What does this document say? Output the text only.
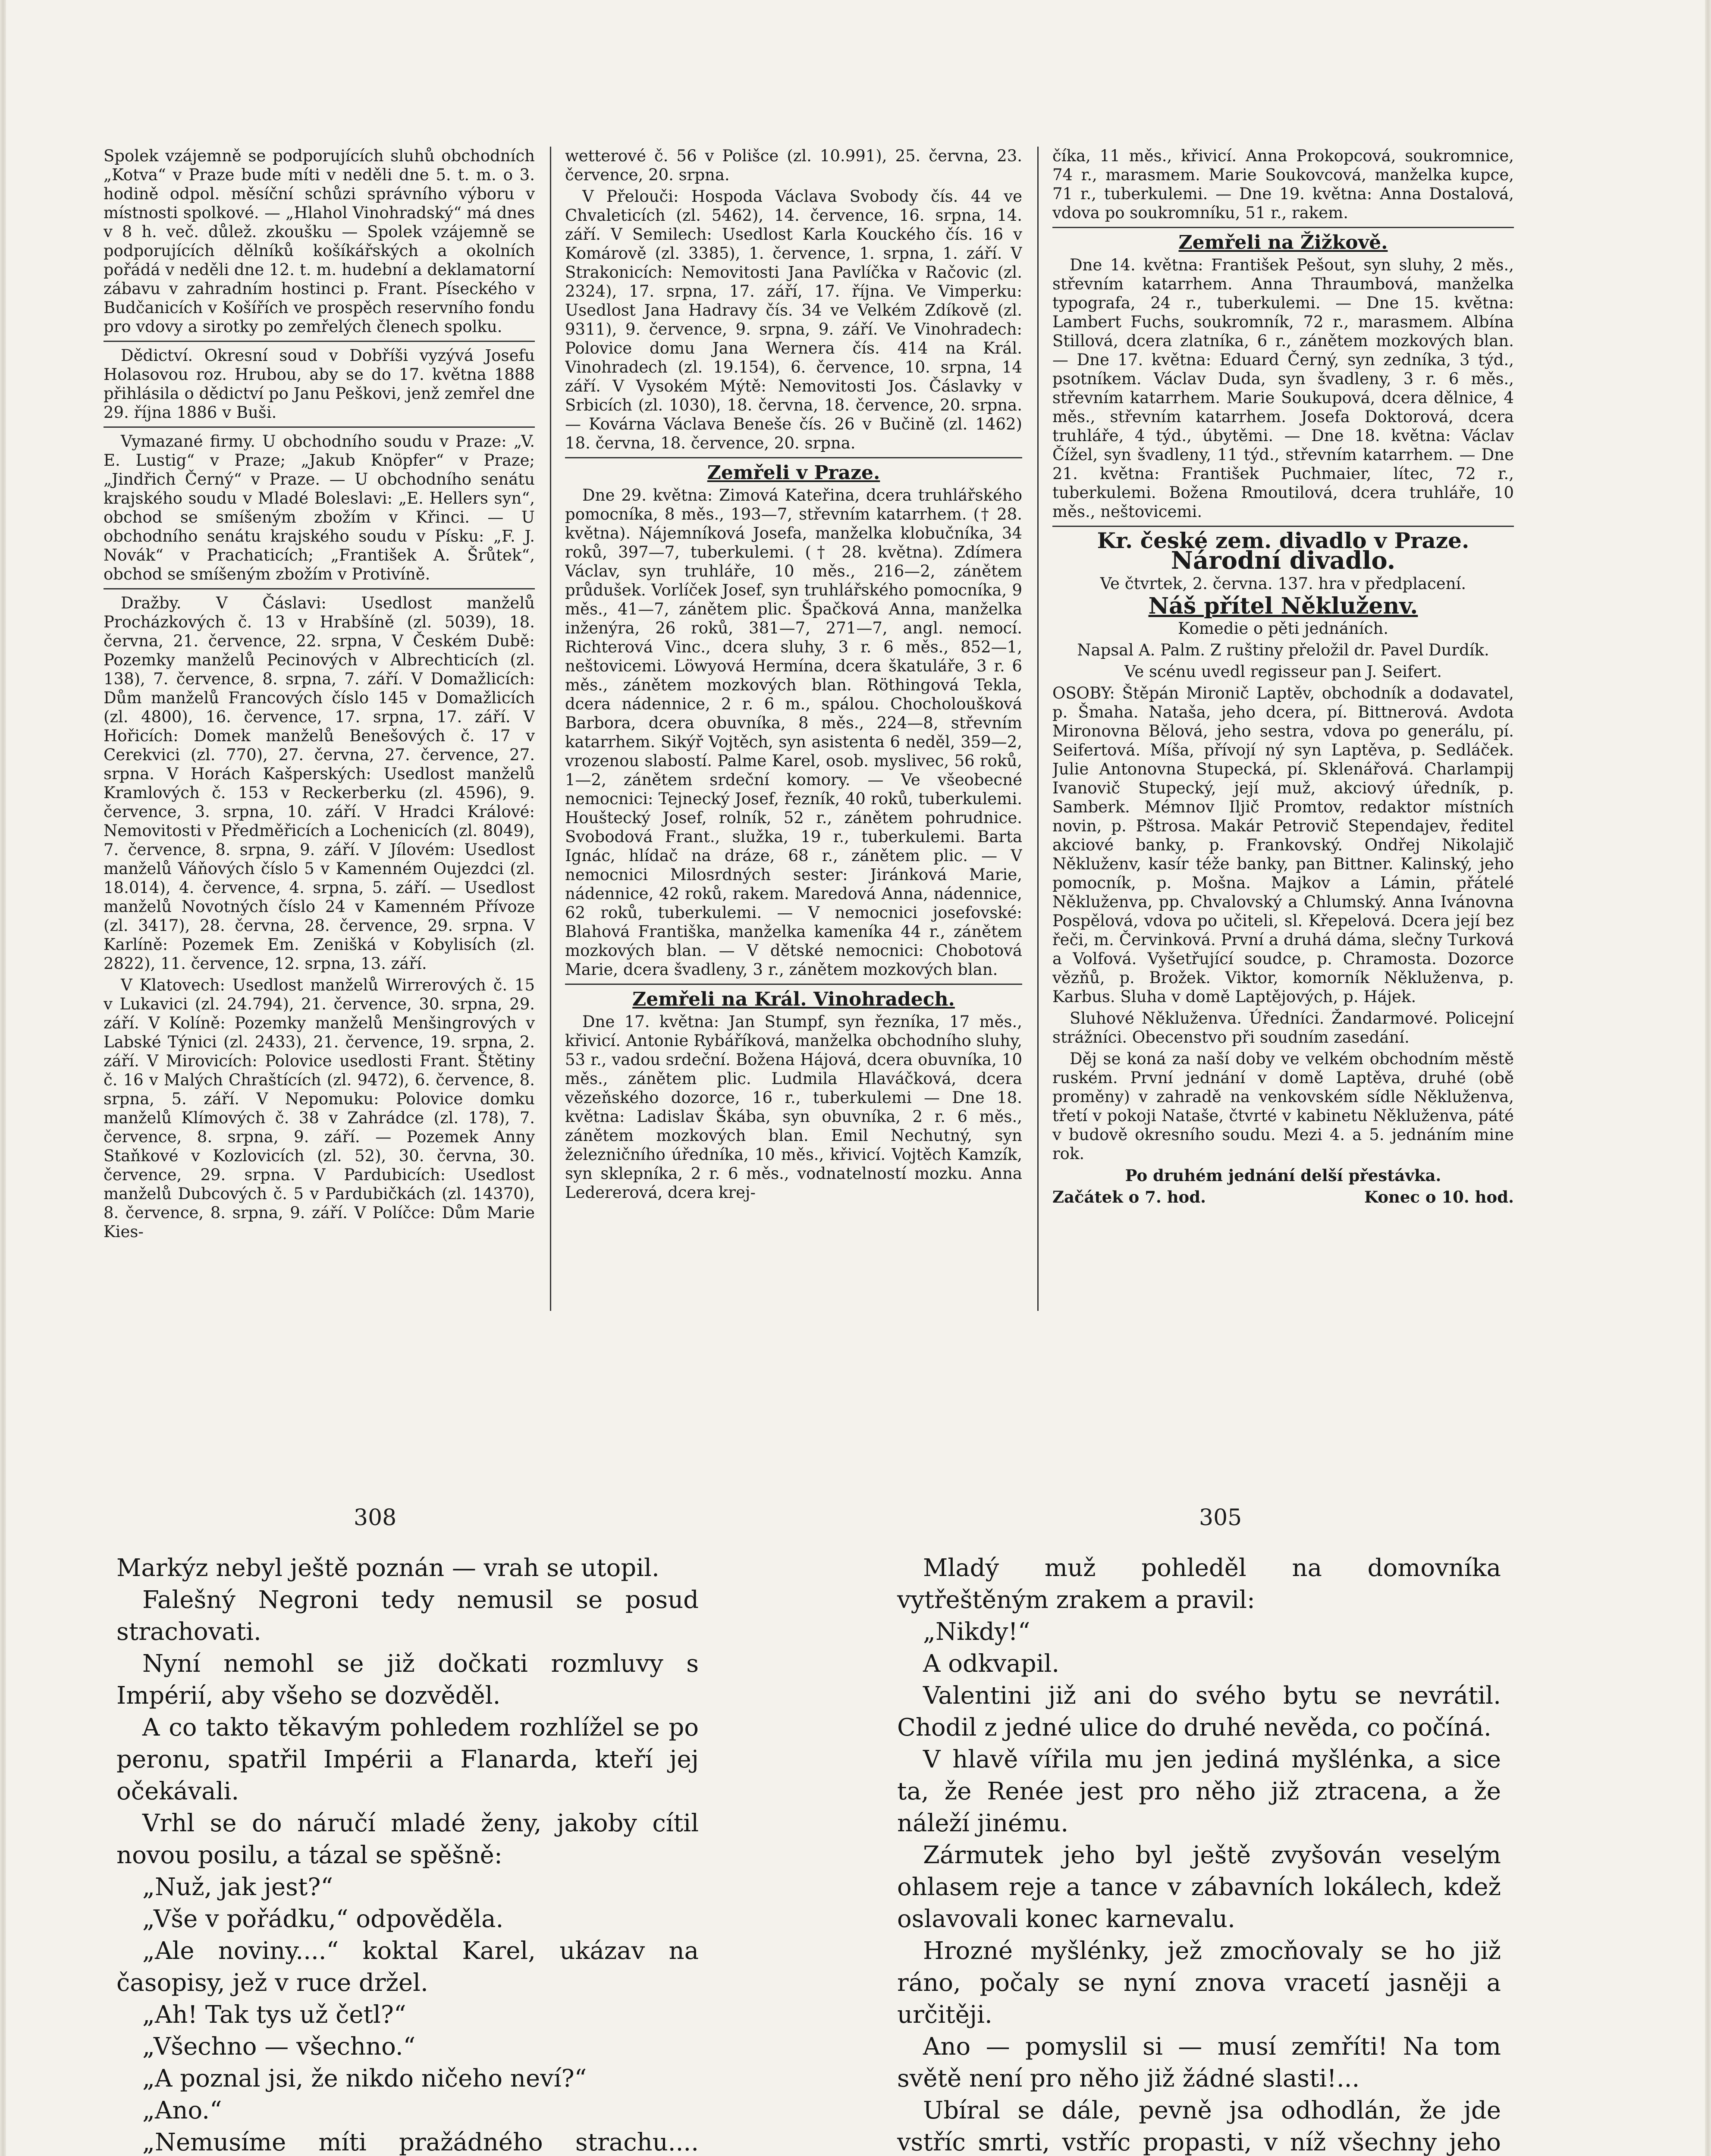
Spolek vzájemně se podporujících sluhů obchodních „Kotva“ v Praze bude míti v neděli dne 5. t. m. o 3. hodině odpol. měsíční schůzi správního výboru v místnosti spolkové. — „Hlahol Vinohradský“ má dnes v 8 h. več. důlež. zkoušku — Spolek vzájemně se podporujících dělníků košíkářských a okolních pořádá v neděli dne 12. t. m. hudební a deklamatorní zábavu v zahradním hostinci p. Frant. Píseckého v Budčanicích v Košířích ve prospěch reservního fondu pro vdovy a sirotky po zemřelých členech spolku.

Dědictví. Okresní soud v Dobříši vyzývá Josefu Holasovou roz. Hrubou, aby se do 17. května 1888 přihlásila o dědictví po Janu Peškovi, jenž zemřel dne 29. října 1886 v Buši.

Vymazané firmy. U obchodního soudu v Praze: „V. E. Lustig“ v Praze; „Jakub Knöpfer“ v Praze; „Jindřich Černý“ v Praze. — U obchodního senátu krajského soudu v Mladé Boleslavi: „E. Hellers syn“, obchod se smíšeným zbožím v Křinci. — U obchodního senátu krajského soudu v Písku: „F. J. Novák“ v Prachaticích; „František A. Šrůtek“, obchod se smíšeným zbožím v Protivíně.

Dražby. V Čáslavi: Usedlost manželů Procházkových č. 13 v Hrabšíně (zl. 5039), 18. června, 21. července, 22. srpna, V Českém Dubě: Pozemky manželů Pecinových v Albrechticích (zl. 138), 7. července, 8. srpna, 7. září. V Domažlicích: Dům manželů Francových číslo 145 v Domažlicích (zl. 4800), 16. července, 17. srpna, 17. září. V Hořicích: Domek manželů Benešových č. 17 v Cerekvici (zl. 770), 27. června, 27. července, 27. srpna. V Horách Kašperských: Usedlost manželů Kramlových č. 153 v Reckerberku (zl. 4596), 9. července, 3. srpna, 10. září. V Hradci Králové: Nemovitosti v Předměřicích a Lochenicích (zl. 8049), 7. července, 8. srpna, 9. září. V Jílovém: Usedlost manželů Váňových číslo 5 v Kamenném Oujezdci (zl. 18.014), 4. července, 4. srpna, 5. září. — Usedlost manželů Novotných číslo 24 v Kamenném Přívoze (zl. 3417), 28. června, 28. července, 29. srpna. V Karlíně: Pozemek Em. Zenišká v Kobylisích (zl. 2822), 11. července, 12. srpna, 13. září.

V Klatovech: Usedlost manželů Wirrerových č. 15 v Lukavici (zl. 24.794), 21. července, 30. srpna, 29. září. V Kolíně: Pozemky manželů Menšingrových v Labské Týnici (zl. 2433), 21. července, 19. srpna, 2. září. V Mirovicích: Polovice usedlosti Frant. Štětiny č. 16 v Malých Chraštících (zl. 9472), 6. července, 8. srpna, 5. září. V Nepomuku: Polovice domku manželů Klímových č. 38 v Zahrádce (zl. 178), 7. července, 8. srpna, 9. září. — Pozemek Anny Staňkové v Kozlovicích (zl. 52), 30. června, 30. července, 29. srpna. V Pardubicích: Usedlost manželů Dubcových č. 5 v Pardubičkách (zl. 14370), 8. července, 8. srpna, 9. září. V Políčce: Dům Marie Kies-

wetterové č. 56 v Polišce (zl. 10.991), 25. června, 23. července, 20. srpna.

V Přelouči: Hospoda Václava Svobody čís. 44 ve Chvaleticích (zl. 5462), 14. července, 16. srpna, 14. září. V Semilech: Usedlost Karla Kouckého čís. 16 v Komárově (zl. 3385), 1. července, 1. srpna, 1. září. V Strakonicích: Nemovitosti Jana Pavlíčka v Račovic (zl. 2324), 17. srpna, 17. září, 17. října. Ve Vimperku: Usedlost Jana Hadravy čís. 34 ve Velkém Zdíkově (zl. 9311), 9. července, 9. srpna, 9. září. Ve Vinohradech: Polovice domu Jana Wernera čís. 414 na Král. Vinohradech (zl. 19.154), 6. července, 10. srpna, 14 září. V Vysokém Mýtě: Nemovitosti Jos. Čáslavky v Srbicích (zl. 1030), 18. června, 18. července, 20. srpna. — Kovárna Václava Beneše čís. 26 v Bučině (zl. 1462) 18. června, 18. července, 20. srpna.

Zemřeli v Praze.

Dne 29. května: Zimová Kateřina, dcera truhlářského pomocníka, 8 měs., 193—7, střevním katarrhem. († 28. května). Nájemníková Josefa, manželka klobučníka, 34 roků, 397—7, tuberkulemi. († 28. května). Zdímera Václav, syn truhláře, 10 měs., 216—2, zánětem průdušek. Vorlíček Josef, syn truhlářského pomocníka, 9 měs., 41—7, zánětem plic. Špačková Anna, manželka inženýra, 26 roků, 381—7, 271—7, angl. nemocí. Richterová Vinc., dcera sluhy, 3 r. 6 měs., 852—1, neštovicemi. Löwyová Hermína, dcera škatuláře, 3 r. 6 měs., zánětem mozkových blan. Röthingová Tekla, dcera nádennice, 2 r. 6 m., spálou. Chocholoušková Barbora, dcera obuvníka, 8 měs., 224—8, střevním katarrhem. Sikýř Vojtěch, syn asistenta 6 neděl, 359—2, vrozenou slabostí. Palme Karel, osob. myslivec, 56 roků, 1—2, zánětem srdeční komory. — Ve všeobecné nemocnici: Tejnecký Josef, řezník, 40 roků, tuberkulemi. Houštecký Josef, rolník, 52 r., zánětem pohrudnice. Svobodová Frant., služka, 19 r., tuberkulemi. Barta Ignác, hlídač na dráze, 68 r., zánětem plic. — V nemocnici Milosrdných sester: Jiránková Marie, nádennice, 42 roků, rakem. Maredová Anna, nádennice, 62 roků, tuberkulemi. — V nemocnici josefovské: Blahová Františka, manželka kameníka 44 r., zánětem mozkových blan. — V dětské nemocnici: Chobotová Marie, dcera švadleny, 3 r., zánětem mozkových blan.

Zemřeli na Král. Vinohradech.

Dne 17. května: Jan Stumpf, syn řezníka, 17 měs., křivicí. Antonie Rybáříková, manželka obchodního sluhy, 53 r., vadou srdeční. Božena Hájová, dcera obuvníka, 10 měs., zánětem plic. Ludmila Hlaváčková, dcera vězeňského dozorce, 16 r., tuberkulemi — Dne 18. května: Ladislav Škába, syn obuvníka, 2 r. 6 měs., zánětem mozkových blan. Emil Nechutný, syn železničního úředníka, 10 měs., křivicí. Vojtěch Kamzík, syn sklepníka, 2 r. 6 měs., vodnatelností mozku. Anna Ledererová, dcera krej-

číka, 11 měs., křivicí. Anna Prokopcová, soukromnice, 74 r., marasmem. Marie Soukovcová, manželka kupce, 71 r., tuberkulemi. — Dne 19. května: Anna Dostalová, vdova po soukromníku, 51 r., rakem.

Zemřeli na Žižkově.

Dne 14. května: František Pešout, syn sluhy, 2 měs., střevním katarrhem. Anna Thraumbová, manželka typografa, 24 r., tuberkulemi. — Dne 15. května: Lambert Fuchs, soukromník, 72 r., marasmem. Albína Stillová, dcera zlatníka, 6 r., zánětem mozkových blan. — Dne 17. května: Eduard Černý, syn zedníka, 3 týd., psotníkem. Václav Duda, syn švadleny, 3 r. 6 měs., střevním katarrhem. Marie Soukupová, dcera dělnice, 4 měs., střevním katarrhem. Josefa Doktorová, dcera truhláře, 4 týd., úbytěmi. — Dne 18. května: Václav Čížel, syn švadleny, 11 týd., střevním katarrhem. — Dne 21. května: František Puchmaier, lítec, 72 r., tuberkulemi. Božena Rmoutilová, dcera truhláře, 10 měs., neštovicemi.

Kr. české zem. divadlo v Praze.
Národní divadlo.

Ve čtvrtek, 2. června. 137. hra v předplacení.

Náš přítel Někluženv.

Komedie o pěti jednáních.

Napsal A. Palm. Z ruštiny přeložil dr. Pavel Durdík.

Ve scénu uvedl regisseur pan J. Seifert.

OSOBY: Štěpán Mironič Laptěv, obchodník a dodavatel, p. Šmaha. Nataša, jeho dcera, pí. Bittnerová. Avdota Mironovna Bělová, jeho sestra, vdova po generálu, pí. Seifertová. Míša, přívojí ný syn Laptěva, p. Sedláček. Julie Antonovna Stupecká, pí. Sklenářová. Charlampij Ivanovič Stupecký, její muž, akciový úředník, p. Samberk. Mémnov Iljič Promtov, redaktor místních novin, p. Pštrosa. Makár Petrovič Stependajev, ředitel akciové banky, p. Frankovský. Ondřej Nikolajič Někluženv, kasír téže banky, pan Bittner. Kalinský, jeho pomocník, p. Mošna. Majkov a Lámin, přátelé Někluženva, pp. Chvalovský a Chlumský. Anna Ivánovna Pospělová, vdova po učiteli, sl. Křepelová. Dcera její bez řeči, m. Červinková. První a druhá dáma, slečny Turková a Volfová. Vyšetřující soudce, p. Chramosta. Dozorce vězňů, p. Brožek. Viktor, komorník Někluženva, p. Karbus. Sluha v domě Laptějových, p. Hájek.

Sluhové Někluženva. Úředníci. Žandarmové. Policejní strážníci. Obecenstvo při soudním zasedání.

Děj se koná za naší doby ve velkém obchodním městě ruském. První jednání v domě Laptěva, druhé (obě proměny) v zahradě na venkovském sídle Někluženva, třetí v pokoji Nataše, čtvrté v kabinetu Někluženva, páté v budově okresního soudu. Mezi 4. a 5. jednáním mine rok.

Po druhém jednání delší přestávka.

Začátek o 7. hod.	Konec o 10. hod.
308	305

Markýz nebyl ještě poznán — vrah se utopil.

Falešný Negroni tedy nemusil se posud strachovati.

Nyní nemohl se již dočkati rozmluvy s Impérií, aby všeho se dozvěděl.

A co takto těkavým pohledem rozhlížel se po peronu, spatřil Impérii a Flanarda, kteří jej očekávali.

Vrhl se do náručí mladé ženy, jakoby cítil novou posilu, a tázal se spěšně:

„Nuž, jak jest?“

„Vše v pořádku,“ odpověděla.

„Ale noviny....“ koktal Karel, ukázav na časopisy, jež v ruce držel.

„Ah! Tak tys už četl?“

„Všechno — všechno.“

„A poznal jsi, že nikdo ničeho neví?“

„Ano.“

„Nemusíme míti pražádného strachu....

Mladý muž pohleděl na domovníka vytřeštěným zrakem a pravil:

„Nikdy!“

A odkvapil.

Valentini již ani do svého bytu se nevrátil. Chodil z jedné ulice do druhé nevěda, co počíná.

V hlavě vířila mu jen jediná myšlénka, a sice ta, že Renée jest pro něho již ztracena, a že náleží jinému.

Zármutek jeho byl ještě zvyšován veselým ohlasem reje a tance v zábavních lokálech, kdež oslavovali konec karnevalu.

Hrozné myšlénky, jež zmocňovaly se ho již ráno, počaly se nyní znova vracetí jasněji a určitěji.

Ano — pomyslil si — musí zemříti! Na tom světě není pro něho již žádné slasti!...

Ubíral se dále, pevně jsa odhodlán, že jde vstříc smrti, vstříc propasti, v níž všechny jeho
